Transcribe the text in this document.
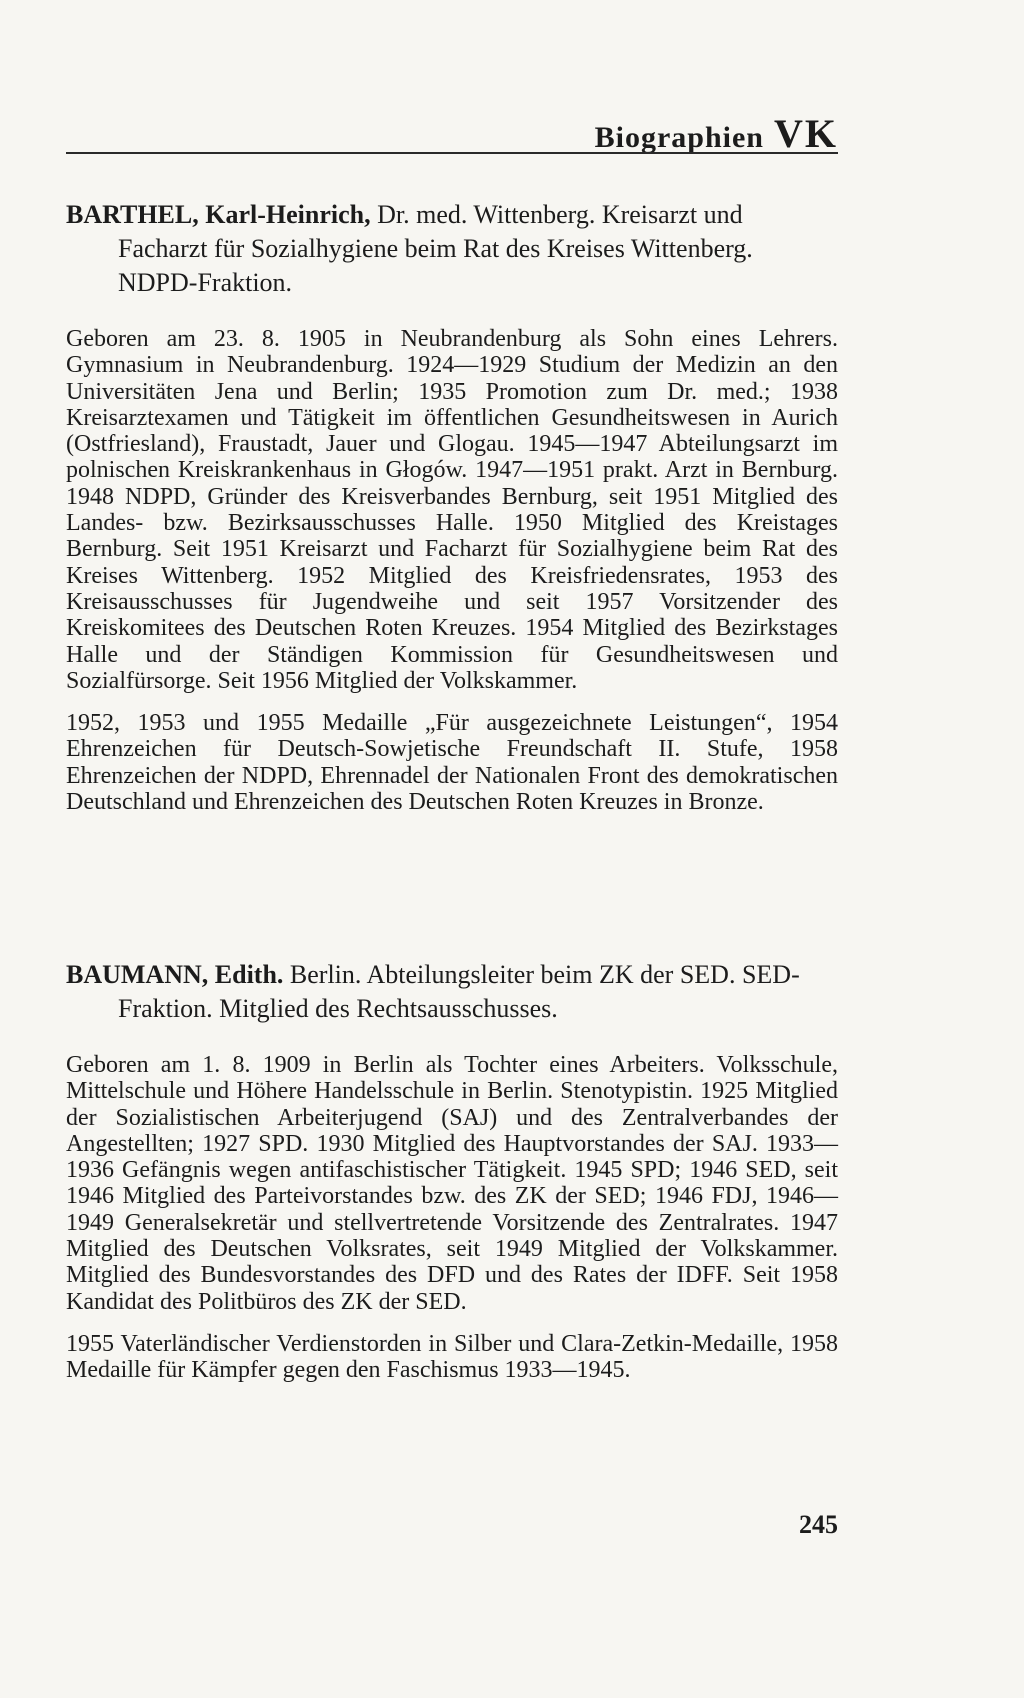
Biographien VK

BARTHEL, Karl-Heinrich, Dr. med. Wittenberg. Kreisarzt und Facharzt für Sozialhygiene beim Rat des Kreises Wittenberg. NDPD-Fraktion.

Geboren am 23. 8. 1905 in Neubrandenburg als Sohn eines Lehrers. Gymnasium in Neubrandenburg. 1924—1929 Studium der Medizin an den Universitäten Jena und Berlin; 1935 Promotion zum Dr. med.; 1938 Kreisarztexamen und Tätigkeit im öffentlichen Gesundheitswesen in Aurich (Ostfriesland), Fraustadt, Jauer und Glogau. 1945—1947 Abteilungsarzt im polnischen Kreiskrankenhaus in Głogów. 1947—1951 prakt. Arzt in Bernburg. 1948 NDPD, Gründer des Kreisverbandes Bernburg, seit 1951 Mitglied des Landes- bzw. Bezirksausschusses Halle. 1950 Mitglied des Kreistages Bernburg. Seit 1951 Kreisarzt und Facharzt für Sozialhygiene beim Rat des Kreises Wittenberg. 1952 Mitglied des Kreisfriedensrates, 1953 des Kreisausschusses für Jugendweihe und seit 1957 Vorsitzender des Kreiskomitees des Deutschen Roten Kreuzes. 1954 Mitglied des Bezirkstages Halle und der Ständigen Kommission für Gesundheitswesen und Sozialfürsorge. Seit 1956 Mitglied der Volkskammer.

1952, 1953 und 1955 Medaille „Für ausgezeichnete Leistungen“, 1954 Ehrenzeichen für Deutsch-Sowjetische Freundschaft II. Stufe, 1958 Ehrenzeichen der NDPD, Ehrennadel der Nationalen Front des demokratischen Deutschland und Ehrenzeichen des Deutschen Roten Kreuzes in Bronze.

BAUMANN, Edith. Berlin. Abteilungsleiter beim ZK der SED. SED-Fraktion. Mitglied des Rechtsausschusses.

Geboren am 1. 8. 1909 in Berlin als Tochter eines Arbeiters. Volksschule, Mittelschule und Höhere Handelsschule in Berlin. Stenotypistin. 1925 Mitglied der Sozialistischen Arbeiterjugend (SAJ) und des Zentralverbandes der Angestellten; 1927 SPD. 1930 Mitglied des Hauptvorstandes der SAJ. 1933—1936 Gefängnis wegen antifaschistischer Tätigkeit. 1945 SPD; 1946 SED, seit 1946 Mitglied des Parteivorstandes bzw. des ZK der SED; 1946 FDJ, 1946—1949 Generalsekretär und stellvertretende Vorsitzende des Zentralrates. 1947 Mitglied des Deutschen Volksrates, seit 1949 Mitglied der Volkskammer. Mitglied des Bundesvorstandes des DFD und des Rates der IDFF. Seit 1958 Kandidat des Politbüros des ZK der SED.

1955 Vaterländischer Verdienstorden in Silber und Clara-Zetkin-Medaille, 1958 Medaille für Kämpfer gegen den Faschismus 1933—1945.

245
